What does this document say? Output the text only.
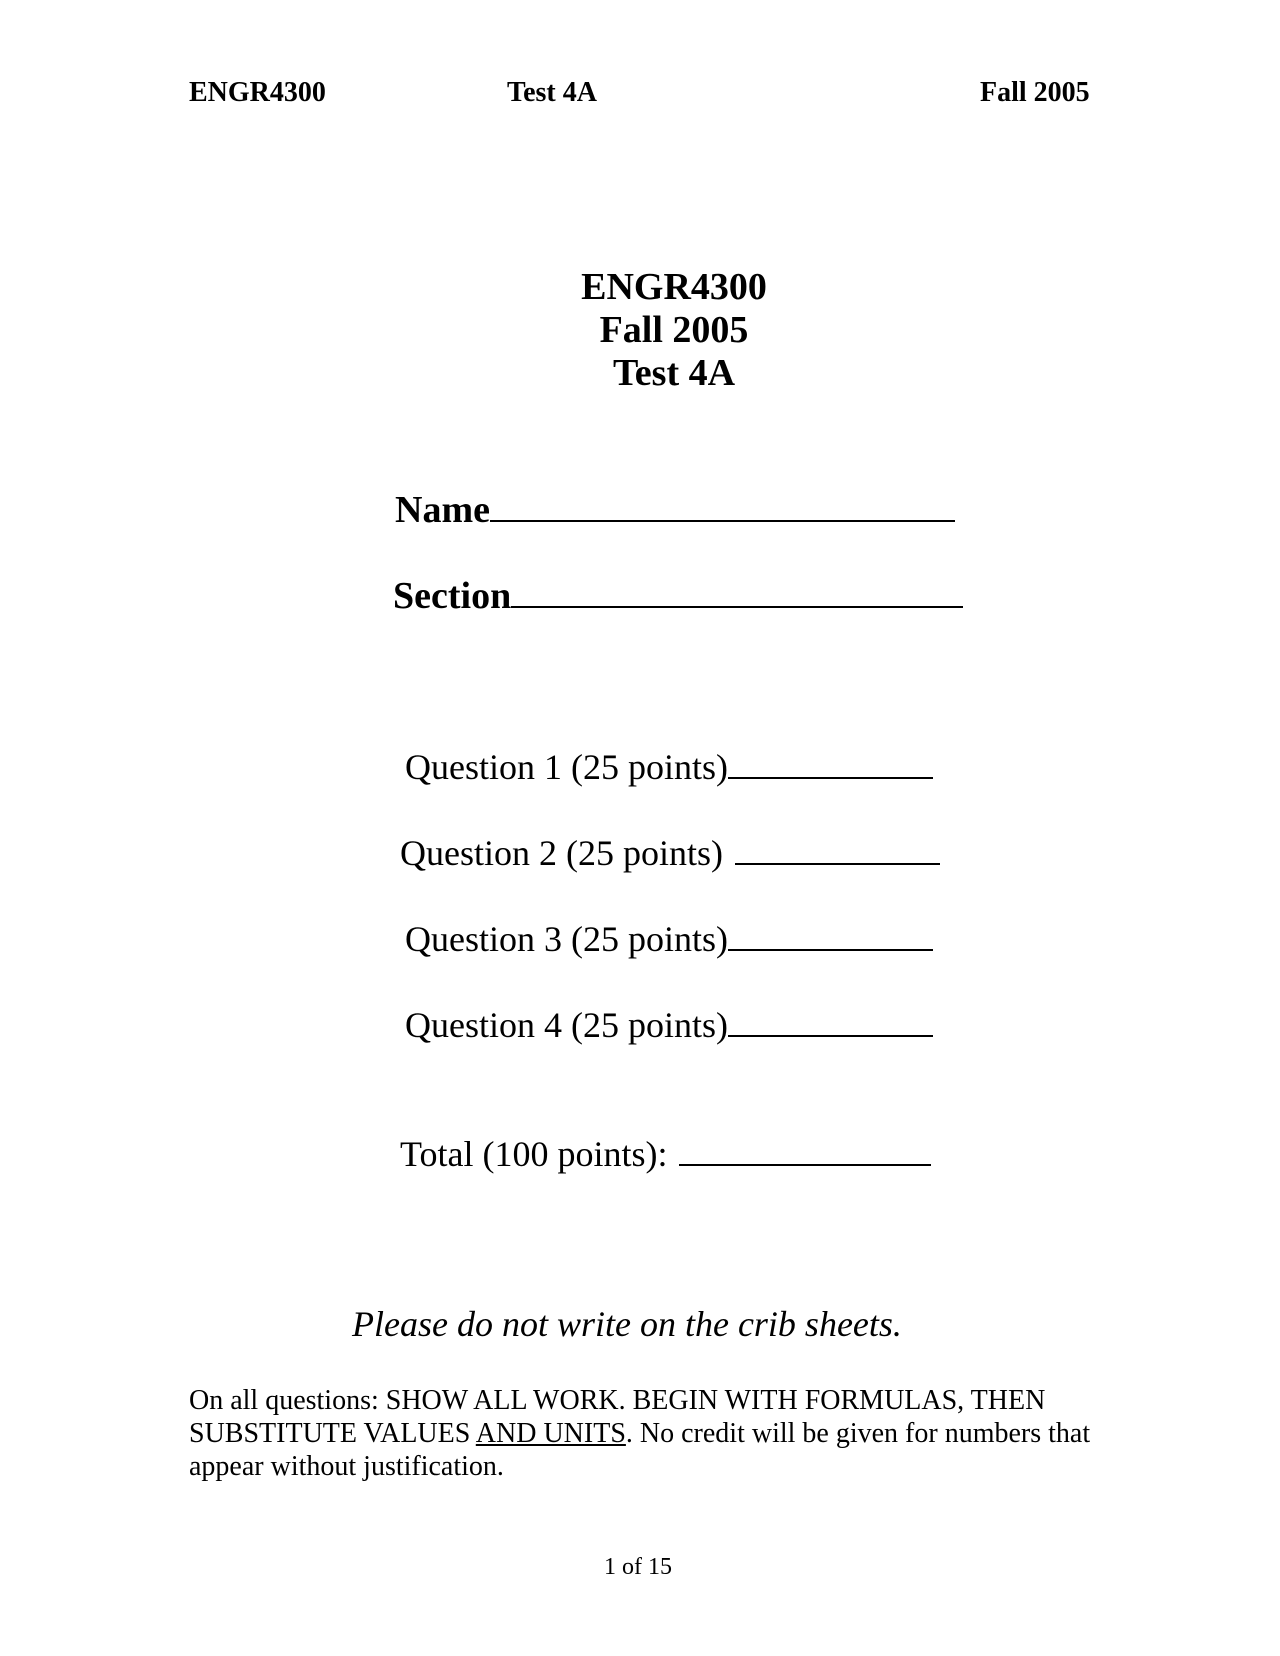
ENGR4300	Test 4A	Fall 2005
ENGR4300
Fall 2005
Test 4A
Name
Section
Question 1 (25 points)
Question 2 (25 points)
Question 3 (25 points)
Question 4 (25 points)
Total (100 points):
Please do not write on the crib sheets.
On all questions: SHOW ALL WORK. BEGIN WITH FORMULAS, THEN SUBSTITUTE VALUES AND UNITS. No credit will be given for numbers that appear without justification.
1 of 15
